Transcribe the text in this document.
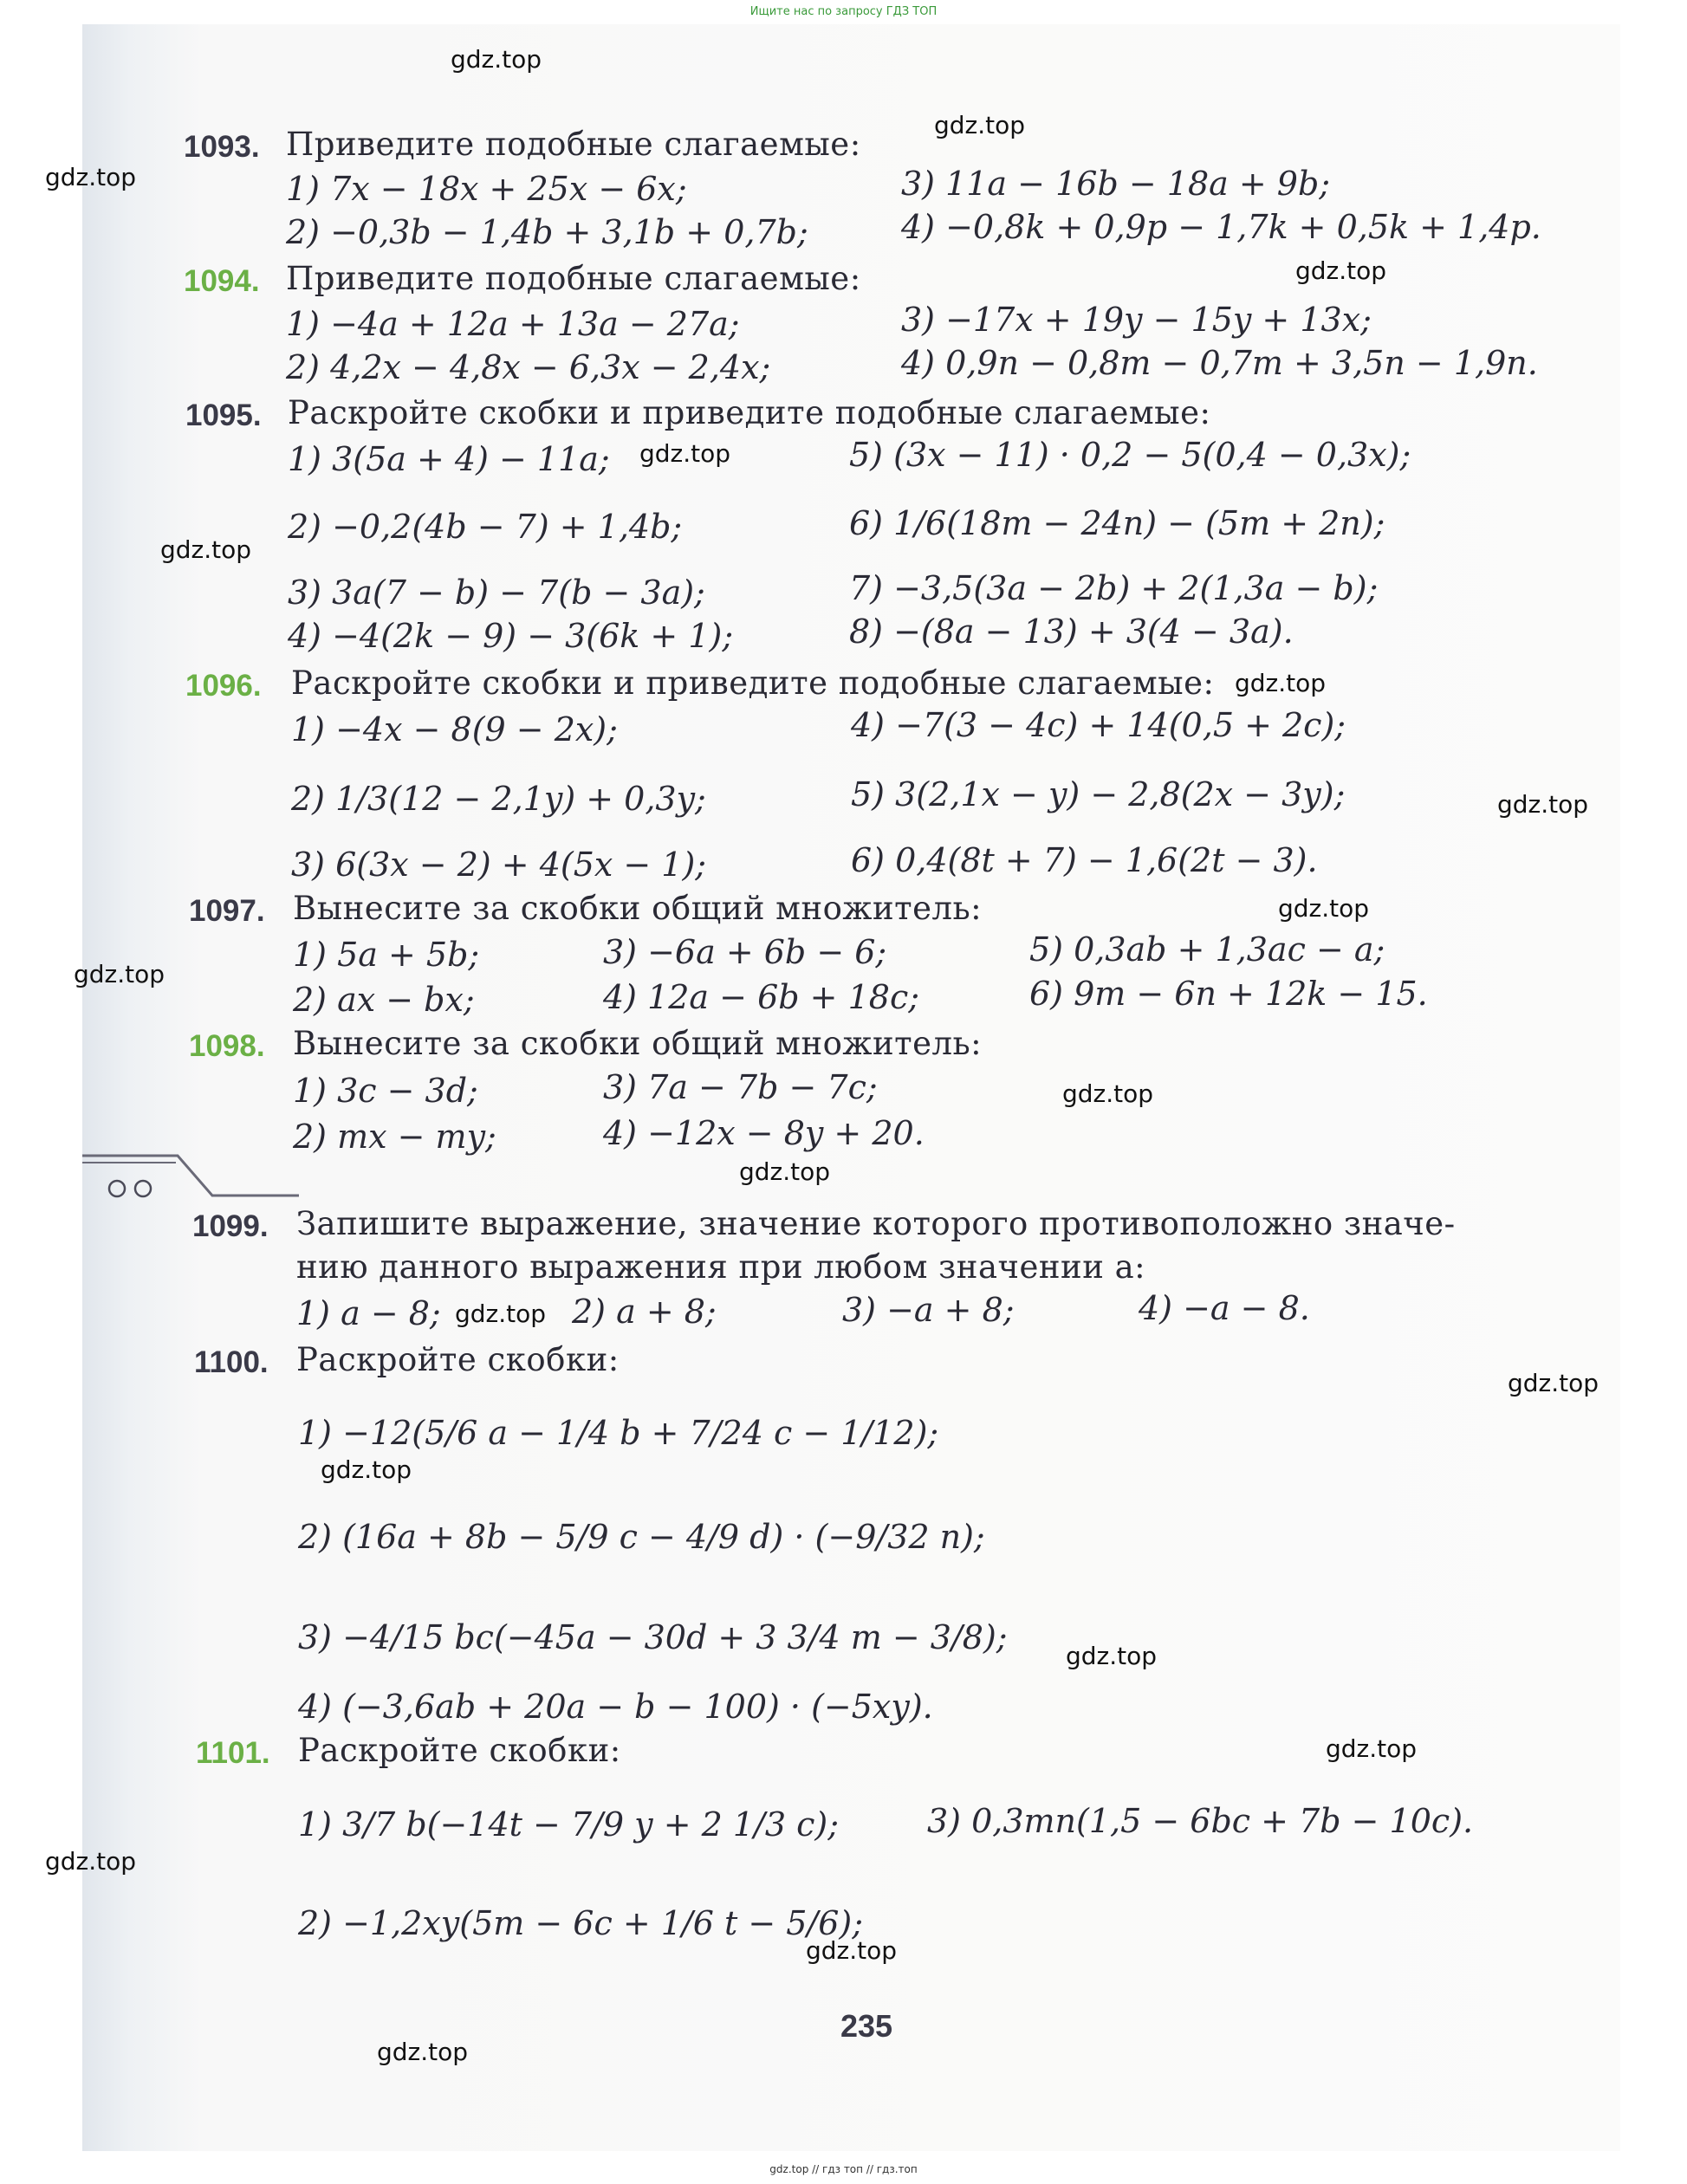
Ищите нас по запросу ГДЗ ТОП
gdz.top
gdz.top
gdz.top
gdz.top
gdz.top
gdz.top
gdz.top
gdz.top
gdz.top
gdz.top
gdz.top
gdz.top
gdz.top
gdz.top
gdz.top
gdz.top
gdz.top
gdz.top
gdz.top
gdz.top
1093. Приведите подобные слагаемые:
1) 7x − 18x + 25x − 6x;	3) 11a − 16b − 18a + 9b;
2) −0,3b − 1,4b + 3,1b + 0,7b;	4) −0,8k + 0,9p − 1,7k + 0,5k + 1,4p.
1094. Приведите подобные слагаемые:
1) −4a + 12a + 13a − 27a;	3) −17x + 19y − 15y + 13x;
2) 4,2x − 4,8x − 6,3x − 2,4x;	4) 0,9n − 0,8m − 0,7m + 3,5n − 1,9n.
1095. Раскройте скобки и приведите подобные слагаемые:
1) 3(5a + 4) − 11a;	5) (3x − 11) · 0,2 − 5(0,4 − 0,3x);
2) −0,2(4b − 7) + 1,4b;	6) 1/6(18m − 24n) − (5m + 2n);
3) 3a(7 − b) − 7(b − 3a);	7) −3,5(3a − 2b) + 2(1,3a − b);
4) −4(2k − 9) − 3(6k + 1);	8) −(8a − 13) + 3(4 − 3a).
1096. Раскройте скобки и приведите подобные слагаемые:
1) −4x − 8(9 − 2x);	4) −7(3 − 4c) + 14(0,5 + 2c);
2) 1/3(12 − 2,1y) + 0,3y;	5) 3(2,1x − y) − 2,8(2x − 3y);
3) 6(3x − 2) + 4(5x − 1);	6) 0,4(8t + 7) − 1,6(2t − 3).
1097. Вынесите за скобки общий множитель:
1) 5a + 5b;	3) −6a + 6b − 6;	5) 0,3ab + 1,3ac − a;
2) ax − bx;	4) 12a − 6b + 18c;	6) 9m − 6n + 12k − 15.
1098. Вынесите за скобки общий множитель:
1) 3c − 3d;	3) 7a − 7b − 7c;
2) mx − my;	4) −12x − 8y + 20.
1099. Запишите выражение, значение которого противоположно значе-
нию данного выражения при любом значении a:
1) a − 8;	2) a + 8;	3) −a + 8;	4) −a − 8.
1100. Раскройте скобки:
1) −12(5/6 a − 1/4 b + 7/24 c − 1/12);
2) (16a + 8b − 5/9 c − 4/9 d) · (−9/32 n);
3) −4/15 bc(−45a − 30d + 3 3/4 m − 3/8);
4) (−3,6ab + 20a − b − 100) · (−5xy).
1101. Раскройте скобки:
1) 3/7 b(−14t − 7/9 y + 2 1/3 c);	3) 0,3mn(1,5 − 6bc + 7b − 10c).
2) −1,2xy(5m − 6c + 1/6 t − 5/6);
235
gdz.top // гдз топ // гдз.топ
